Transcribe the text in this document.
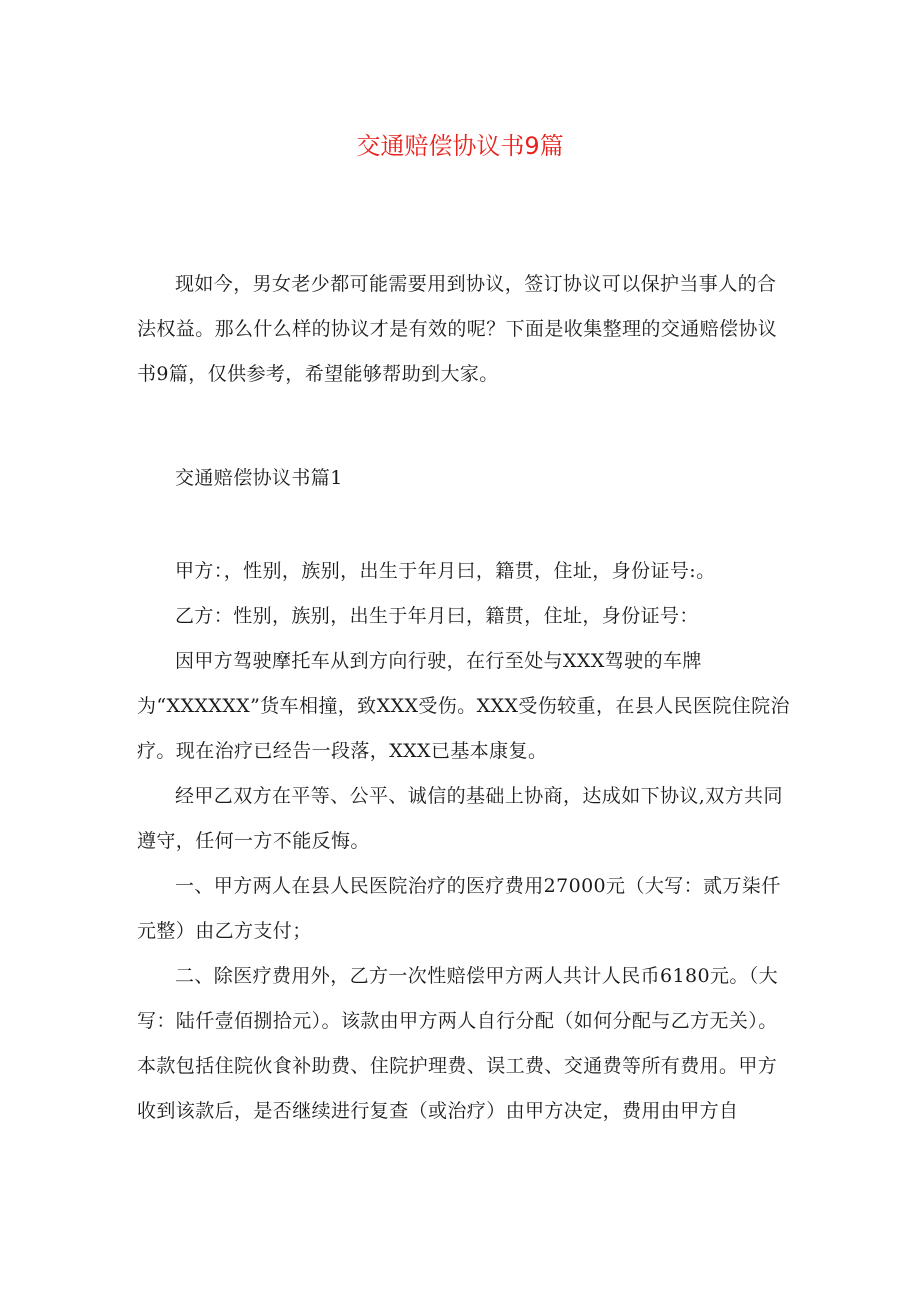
交通赔偿协议书9篇

现如今，男女老少都可能需要用到协议，签订协议可以保护当事人的合法权益。那么什么样的协议才是有效的呢？下面是收集整理的交通赔偿协议书9篇，仅供参考，希望能够帮助到大家。

交通赔偿协议书篇1

甲方：，性别，族别，出生于年月曰，籍贯，住址，身份证号:。

乙方：性别，族别，出生于年月曰，籍贯，住址，身份证号：

因甲方驾驶摩托车从到方向行驶，在行至处与XXX驾驶的车牌为“XXXXXX”货车相撞，致XXX受伤。XXX受伤较重，在县人民医院住院治疗。现在治疗已经告一段落，XXX已基本康复。

经甲乙双方在平等、公平、诚信的基础上协商，达成如下协议,双方共同遵守，任何一方不能反悔。

一、甲方两人在县人民医院治疗的医疗费用27000元（大写：贰万柒仟元整）由乙方支付；

二、除医疗费用外，乙方一次性赔偿甲方两人共计人民币6180元。（大写：陆仟壹佰捌拾元）。该款由甲方两人自行分配（如何分配与乙方无关）。本款包括住院伙食补助费、住院护理费、误工费、交通费等所有费用。甲方收到该款后，是否继续进行复查（或治疗）由甲方决定，费用由甲方自
